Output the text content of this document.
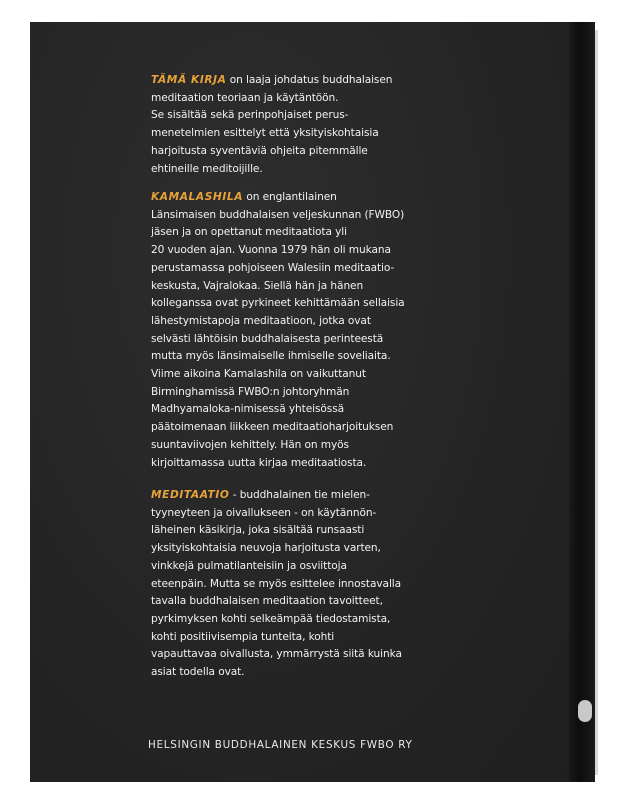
TÄMÄ KIRJA on laaja johdatus buddhalaisen
meditaation teoriaan ja käytäntöön.
Se sisältää sekä perinpohjaiset perus-
menetelmien esittelyt että yksityiskohtaisia
harjoitusta syventäviä ohjeita pitemmälle
ehtineille meditoijille.
KAMALASHILA on englantilainen
Länsimaisen buddhalaisen veljeskunnan (FWBO)
jäsen ja on opettanut meditaatiota yli
20 vuoden ajan. Vuonna 1979 hän oli mukana
perustamassa pohjoiseen Walesiin meditaatio-
keskusta, Vajralokaa. Siellä hän ja hänen
kolleganssa ovat pyrkineet kehittämään sellaisia
lähestymistapoja meditaatioon, jotka ovat
selvästi lähtöisin buddhalaisesta perinteestä
mutta myös länsimaiselle ihmiselle soveliaita.
Viime aikoina Kamalashila on vaikuttanut
Birminghamissä FWBO:n johtoryhmän
Madhyamaloka-nimisessä yhteisössä
päätoimenaan liikkeen meditaatioharjoituksen
suuntaviivojen kehittely. Hän on myös
kirjoittamassa uutta kirjaa meditaatiosta.
MEDITAATIO - buddhalainen tie mielen-
tyyneyteen ja oivallukseen - on käytännön-
läheinen käsikirja, joka sisältää runsaasti
yksityiskohtaisia neuvoja harjoitusta varten,
vinkkejä pulmatilanteisiin ja osviittoja
eteenpäin. Mutta se myös esittelee innostavalla
tavalla buddhalaisen meditaation tavoitteet,
pyrkimyksen kohti selkeämpää tiedostamista,
kohti positiivisempia tunteita, kohti
vapauttavaa oivallusta, ymmärrystä siitä kuinka
asiat todella ovat.
HELSINGIN BUDDHALAINEN KESKUS FWBO RY
